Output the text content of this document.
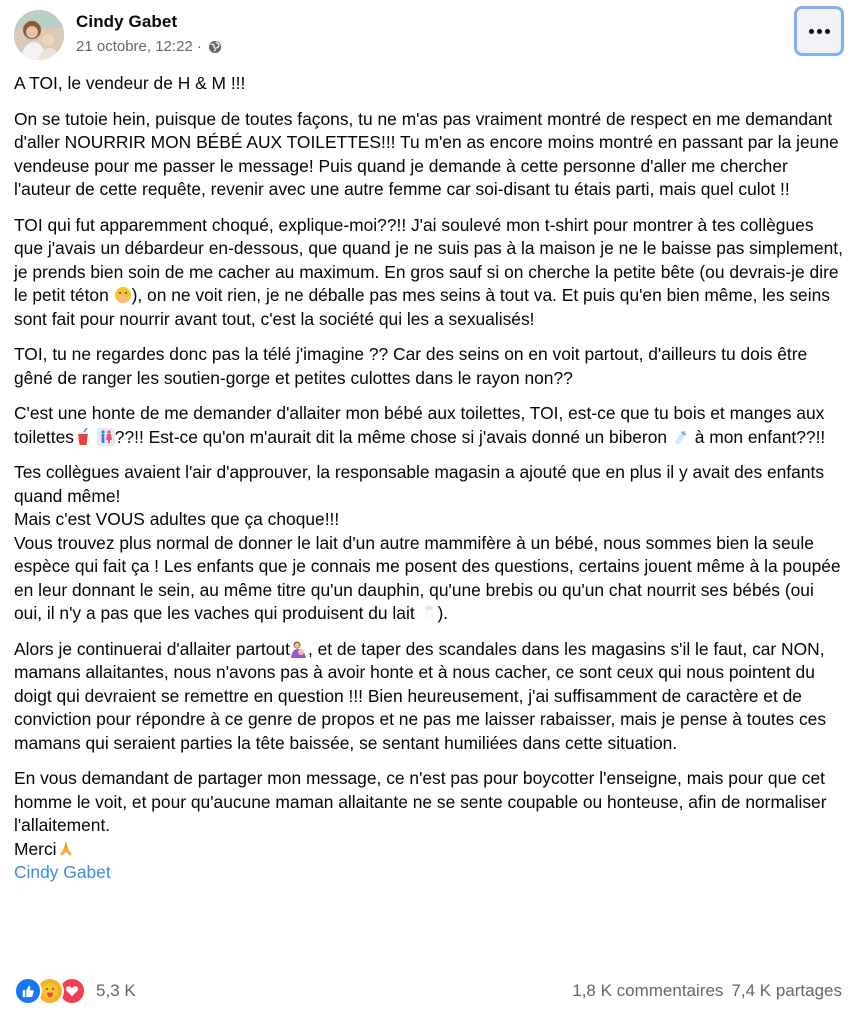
Cindy Gabet
21 octobre, 12:22 ·

A TOI, le vendeur de H & M !!!

On se tutoie hein, puisque de toutes façons, tu ne m'as pas vraiment montré de respect en me demandant d'aller NOURRIR MON BÉBÉ AUX TOILETTES!!! Tu m'en as encore moins montré en passant par la jeune vendeuse pour me passer le message! Puis quand je demande à cette personne d'aller me chercher l'auteur de cette requête, revenir avec une autre femme car soi-disant tu étais parti, mais quel culot !!

TOI qui fut apparemment choqué, explique-moi??!! J'ai soulevé mon t-shirt pour montrer à tes collègues que j'avais un débardeur en-dessous, que quand je ne suis pas à la maison je ne le baisse pas simplement, je prends bien soin de me cacher au maximum. En gros sauf si on cherche la petite bête (ou devrais-je dire le petit téton ), on ne voit rien, je ne déballe pas mes seins à tout va. Et puis qu'en bien même, les seins sont fait pour nourrir avant tout, c'est la société qui les a sexualisés!

TOI, tu ne regardes donc pas la télé j'imagine ?? Car des seins on en voit partout, d'ailleurs tu dois être gêné de ranger les soutien-gorge et petites culottes dans le rayon non??

C'est une honte de me demander d'allaiter mon bébé aux toilettes, TOI, est-ce que tu bois et manges aux toilettes ??!! Est-ce qu'on m'aurait dit la même chose si j'avais donné un biberon  à mon enfant??!!

Tes collègues avaient l'air d'approuver, la responsable magasin a ajouté que en plus il y avait des enfants quand même!
Mais c'est VOUS adultes que ça choque!!!
Vous trouvez plus normal de donner le lait d'un autre mammifère à un bébé, nous sommes bien la seule espèce qui fait ça ! Les enfants que je connais me posent des questions, certains jouent même à la poupée en leur donnant le sein, au même titre qu'un dauphin, qu'une brebis ou qu'un chat nourrit ses bébés (oui oui, il n'y a pas que les vaches qui produisent du lait ).

Alors je continuerai d'allaiter partout , et de taper des scandales dans les magasins s'il le faut, car NON, mamans allaitantes, nous n'avons pas à avoir honte et à nous cacher, ce sont ceux qui nous pointent du doigt qui devraient se remettre en question !!! Bien heureusement, j'ai suffisamment de caractère et de conviction pour répondre à ce genre de propos et ne pas me laisser rabaisser, mais je pense à toutes ces mamans qui seraient parties la tête baissée, se sentant humiliées dans cette situation.

En vous demandant de partager mon message, ce n'est pas pour boycotter l'enseigne, mais pour que cet homme le voit, et pour qu'aucune maman allaitante ne se sente coupable ou honteuse, afin de normaliser l'allaitement.
Merci
Cindy Gabet

5,3 K	1,8 K commentaires 7,4 K partages
